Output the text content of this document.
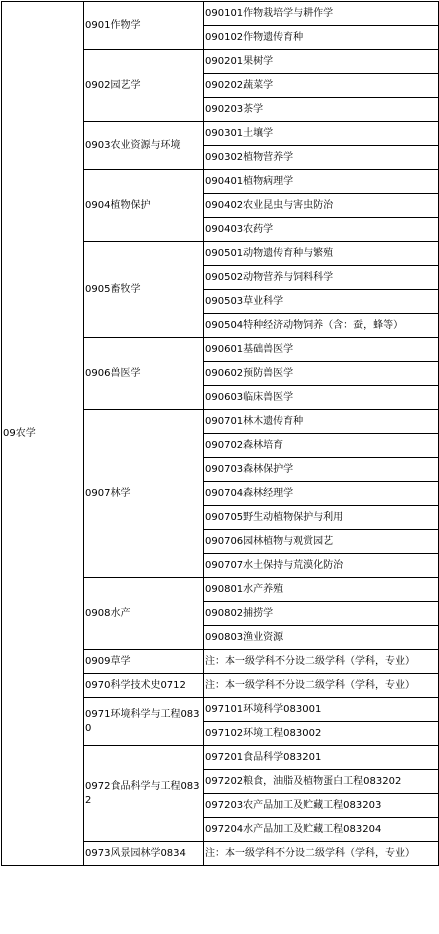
09农学	0901作物学	090101作物栽培学与耕作学
		090102作物遗传育种
	0902园艺学	090201果树学
		090202蔬菜学
		090203茶学
	0903农业资源与环境	090301土壤学
		090302植物营养学
	0904植物保护	090401植物病理学
		090402农业昆虫与害虫防治
		090403农药学
	0905畜牧学	090501动物遗传育种与繁殖
		090502动物营养与饲料科学
		090503草业科学
		090504特种经济动物饲养（含：蚕，蜂等）
	0906兽医学	090601基础兽医学
		090602预防兽医学
		090603临床兽医学
	0907林学	090701林木遗传育种
		090702森林培育
		090703森林保护学
		090704森林经理学
		090705野生动植物保护与利用
		090706园林植物与观赏园艺
		090707水土保持与荒漠化防治
	0908水产	090801水产养殖
		090802捕捞学
		090803渔业资源
	0909草学	注：本一级学科不分设二级学科（学科，专业）
	0970科学技术史0712	注：本一级学科不分设二级学科（学科，专业）
	0971环境科学与工程0830	097101环境科学083001
		097102环境工程083002
	0972食品科学与工程0832	097201食品科学083201
		097202粮食，油脂及植物蛋白工程083202
		097203农产品加工及贮藏工程083203
		097204水产品加工及贮藏工程083204
	0973风景园林学0834	注：本一级学科不分设二级学科（学科，专业）
